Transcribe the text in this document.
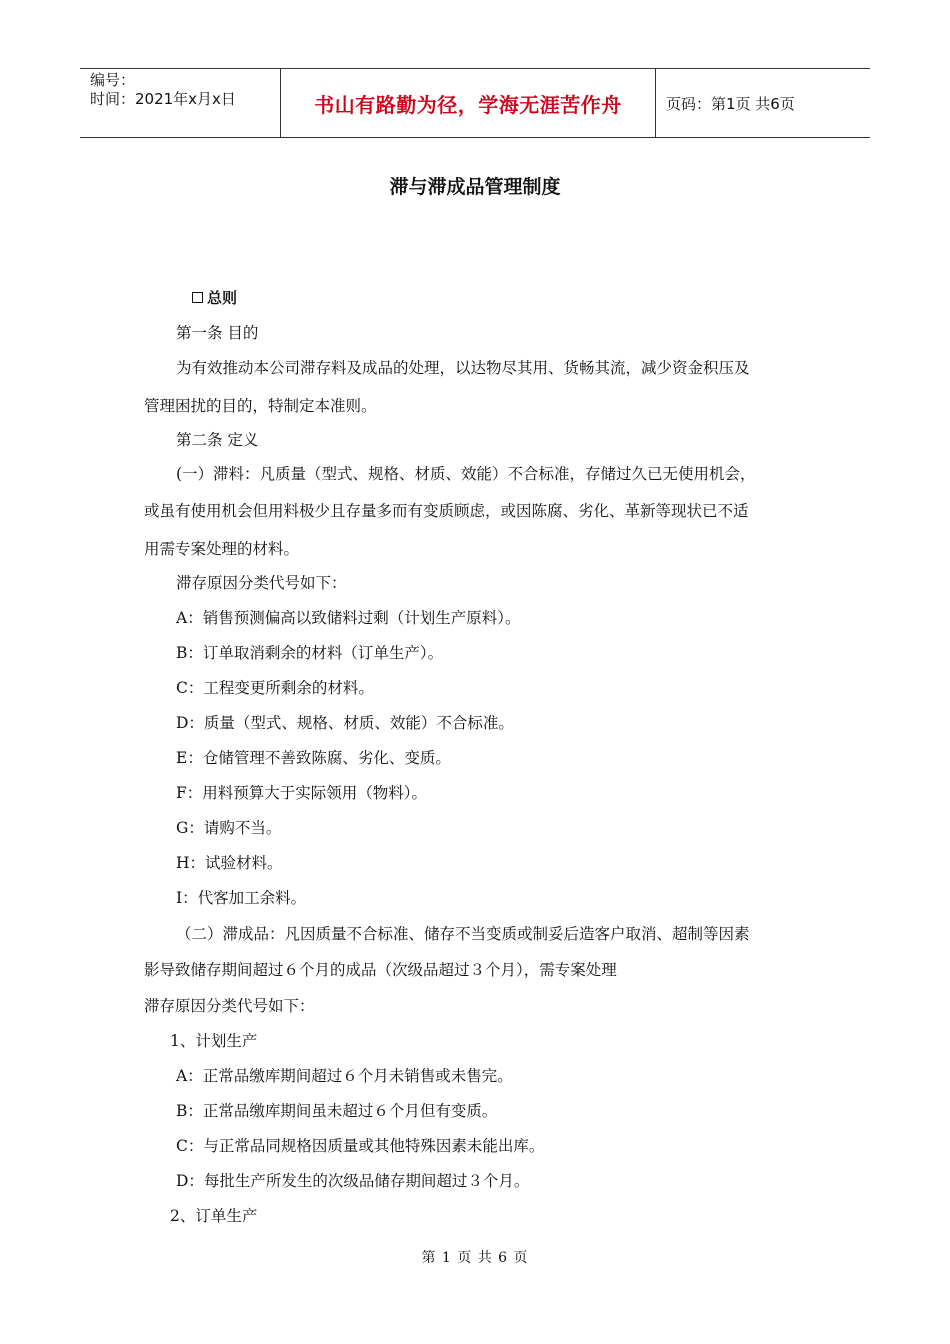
编号：
时间：2021年x月x日	书山有路勤为径，学海无涯苦作舟	页码：第1页 共6页
滞与滞成品管理制度
总则
第一条 目的
为有效推动本公司滞存料及成品的处理，以达物尽其用、货畅其流，减少资金积压及
管理困扰的目的，特制定本准则。
第二条 定义
(一）滞料：凡质量（型式、规格、材质、效能）不合标准，存储过久已无使用机会，
或虽有使用机会但用料极少且存量多而有变质顾虑，或因陈腐、劣化、革新等现状已不适
用需专案处理的材料。
滞存原因分类代号如下：
A：销售预测偏高以致储料过剩（计划生产原料）。
B：订单取消剩余的材料（订单生产）。
C：工程变更所剩余的材料。
D：质量（型式、规格、材质、效能）不合标准。
E：仓储管理不善致陈腐、劣化、变质。
F：用料预算大于实际领用（物料）。
G：请购不当。
H：试验材料。
I：代客加工余料。
（二）滞成品：凡因质量不合标准、储存不当变质或制妥后造客户取消、超制等因素
影导致储存期间超过６个月的成品（次级品超过３个月），需专案处理
滞存原因分类代号如下：
1、计划生产
A：正常品缴库期间超过６个月未销售或未售完。
B：正常品缴库期间虽未超过６个月但有变质。
C：与正常品同规格因质量或其他特殊因素未能出库。
D：每批生产所发生的次级品储存期间超过３个月。
2、订单生产
第 1 页 共 6 页
